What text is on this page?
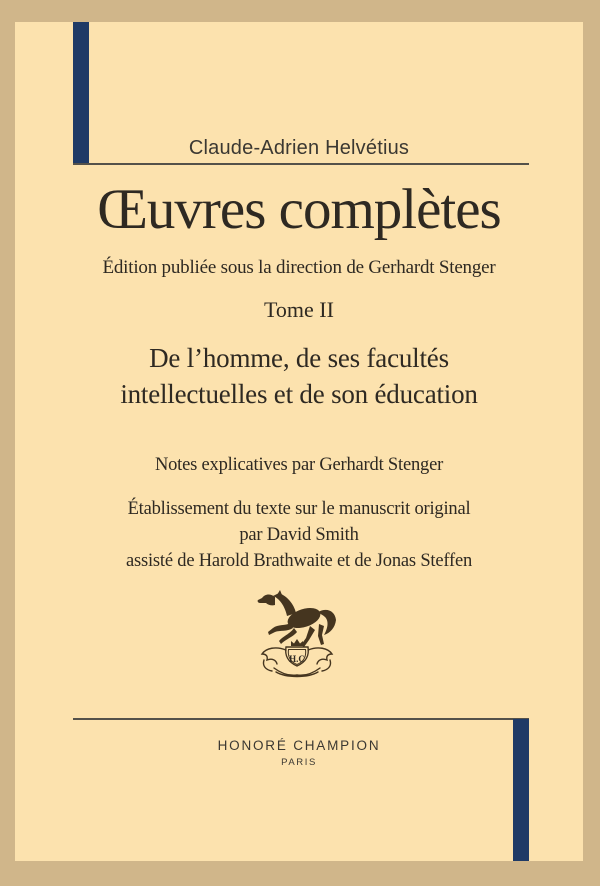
Claude-Adrien Helvétius
Œuvres complètes
Édition publiée sous la direction de Gerhardt Stenger
Tome II
De l’homme, de ses facultés
intellectuelles et de son éducation
Notes explicatives par Gerhardt Stenger
Établissement du texte sur le manuscrit original
par David Smith
assisté de Harold Brathwaite et de Jonas Steffen
H.C
HONORÉ CHAMPION
PARIS
